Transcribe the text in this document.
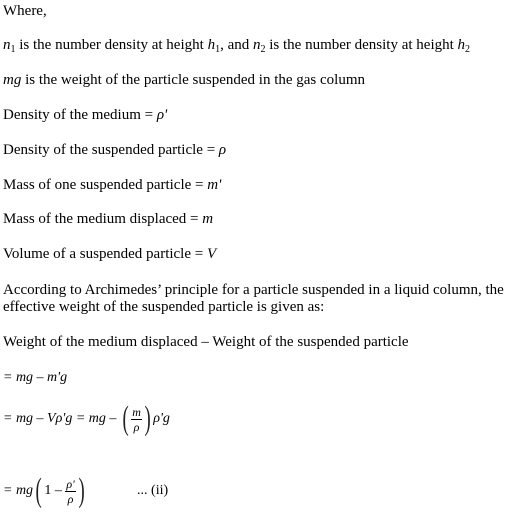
Where,
$n_1$ is the number density at height $h_1$, and $n_2$ is the number density at height $h_2$
mg is the weight of the particle suspended in the gas column
Density of the medium = ρ'
Density of the suspended particle = ρ
Mass of one suspended particle = m'
Mass of the medium displaced = m
Volume of a suspended particle = V
According to Archimedes’ principle for a particle suspended in a liquid column, the effective weight of the suspended particle is given as:
Weight of the medium displaced – Weight of the suspended particle
= mg – m'g
= mg – Vρ'g = mg – ( $\frac{m}{\rho}$ ) ρ'g
= mg( $1 - \frac{\rho'}{\rho}$ )	... (ii)
